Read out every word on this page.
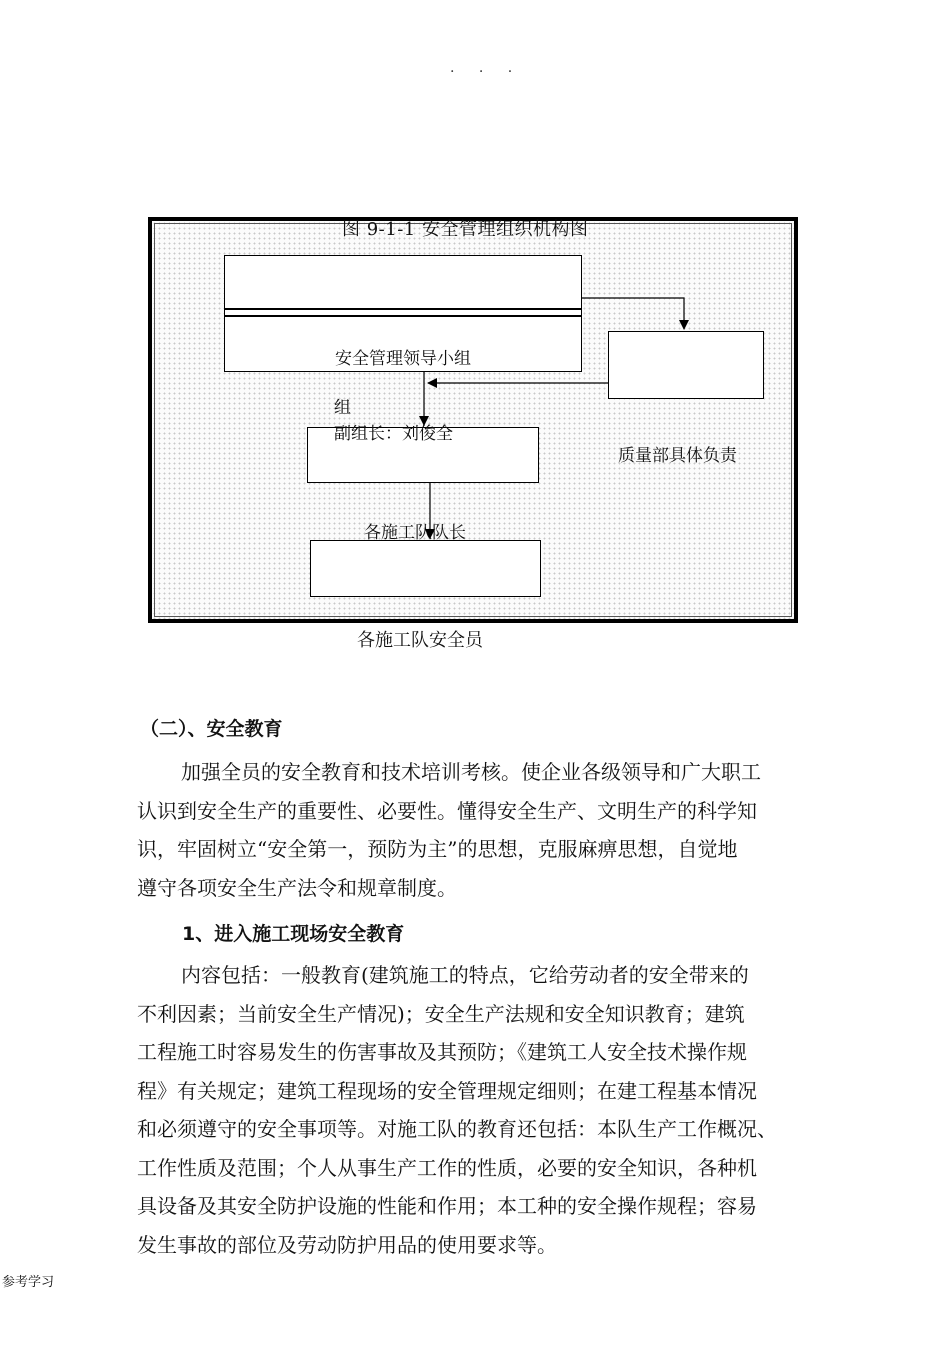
. . .
图 9-1-1 安全管理组织机构图
安全管理领导小组
组
副组长：刘俊全
质量部具体负责
各施工队队长
各施工队安全员
（二）、安全教育
加强全员的安全教育和技术培训考核。使企业各级领导和广大职工
认识到安全生产的重要性、必要性。懂得安全生产、文明生产的科学知
识，牢固树立“安全第一，预防为主”的思想，克服麻痹思想，自觉地
遵守各项安全生产法令和规章制度。
1、进入施工现场安全教育
内容包括：一般教育(建筑施工的特点，它给劳动者的安全带来的
不利因素；当前安全生产情况)；安全生产法规和安全知识教育；建筑
工程施工时容易发生的伤害事故及其预防；《建筑工人安全技术操作规
程》有关规定；建筑工程现场的安全管理规定细则；在建工程基本情况
和必须遵守的安全事项等。对施工队的教育还包括：本队生产工作概况、
工作性质及范围；个人从事生产工作的性质，必要的安全知识，各种机
具设备及其安全防护设施的性能和作用；本工种的安全操作规程；容易
发生事故的部位及劳动防护用品的使用要求等。
参考学习
